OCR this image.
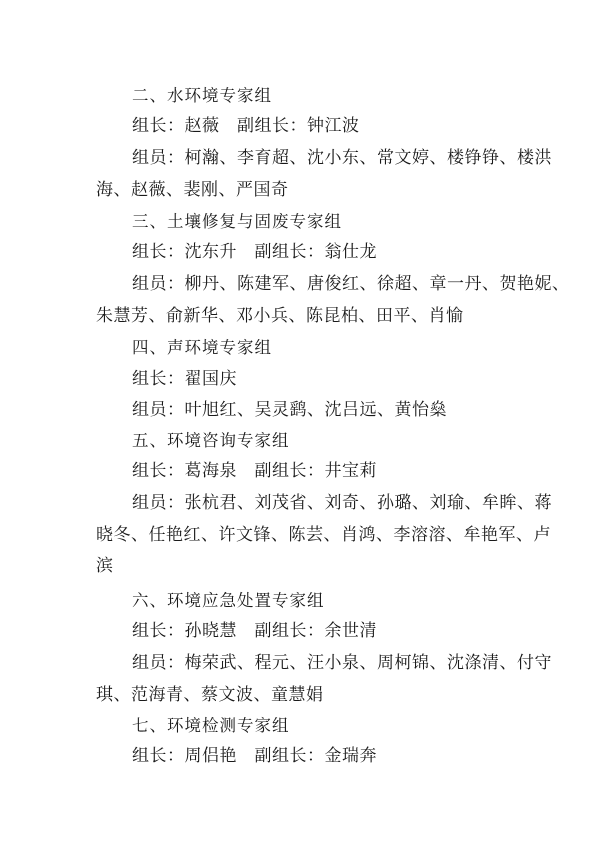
二、水环境专家组
组长：赵薇　副组长：钟江波
组员：柯瀚、李育超、沈小东、常文婷、楼铮铮、楼洪
海、赵薇、裴刚、严国奇
三、土壤修复与固废专家组
组长：沈东升　副组长：翁仕龙
组员：柳丹、陈建军、唐俊红、徐超、章一丹、贺艳妮、
朱慧芳、俞新华、邓小兵、陈昆柏、田平、肖愉
四、声环境专家组
组长：翟国庆
组员：叶旭红、吴灵鹞、沈吕远、黄怡燊
五、环境咨询专家组
组长：葛海泉　副组长：井宝莉
组员：张杭君、刘茂省、刘奇、孙璐、刘瑜、牟眸、蒋
晓冬、任艳红、许文锋、陈芸、肖鸿、李溶溶、牟艳军、卢
滨
六、环境应急处置专家组
组长：孙晓慧　副组长：余世清
组员：梅荣武、程元、汪小泉、周柯锦、沈涤清、付守
琪、范海青、蔡文波、童慧娟
七、环境检测专家组
组长：周侣艳　副组长：金瑞奔
